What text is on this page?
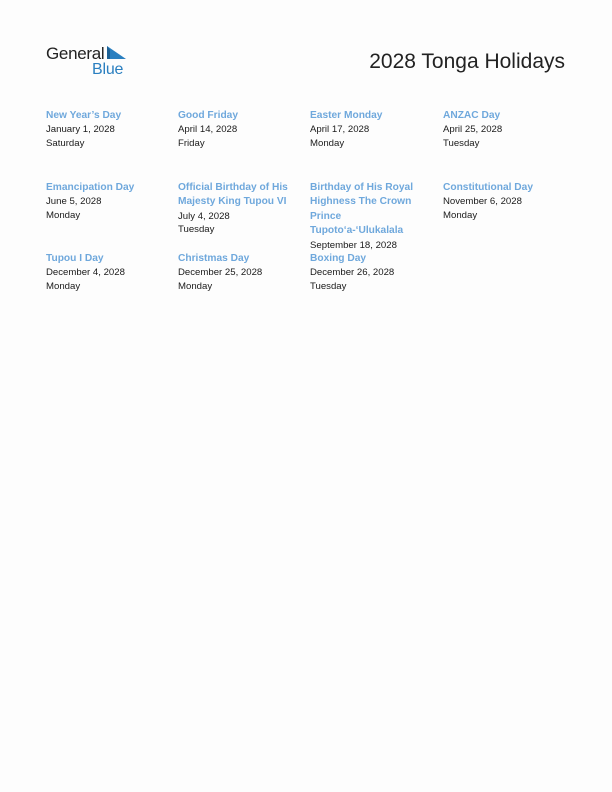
General
Blue	2028 Tonga Holidays
New Year’s Day
January 1, 2028
Saturday
Good Friday
April 14, 2028
Friday
Easter Monday
April 17, 2028
Monday
ANZAC Day
April 25, 2028
Tuesday
Emancipation Day
June 5, 2028
Monday
Official Birthday of His Majesty King Tupou VI
July 4, 2028
Tuesday
Birthday of His Royal Highness The Crown Prince Tupoto‘a-‘Ulukalala
September 18, 2028
Constitutional Day
November 6, 2028
Monday
Tupou I Day
December 4, 2028
Monday
Christmas Day
December 25, 2028
Monday
Boxing Day
December 26, 2028
Tuesday
